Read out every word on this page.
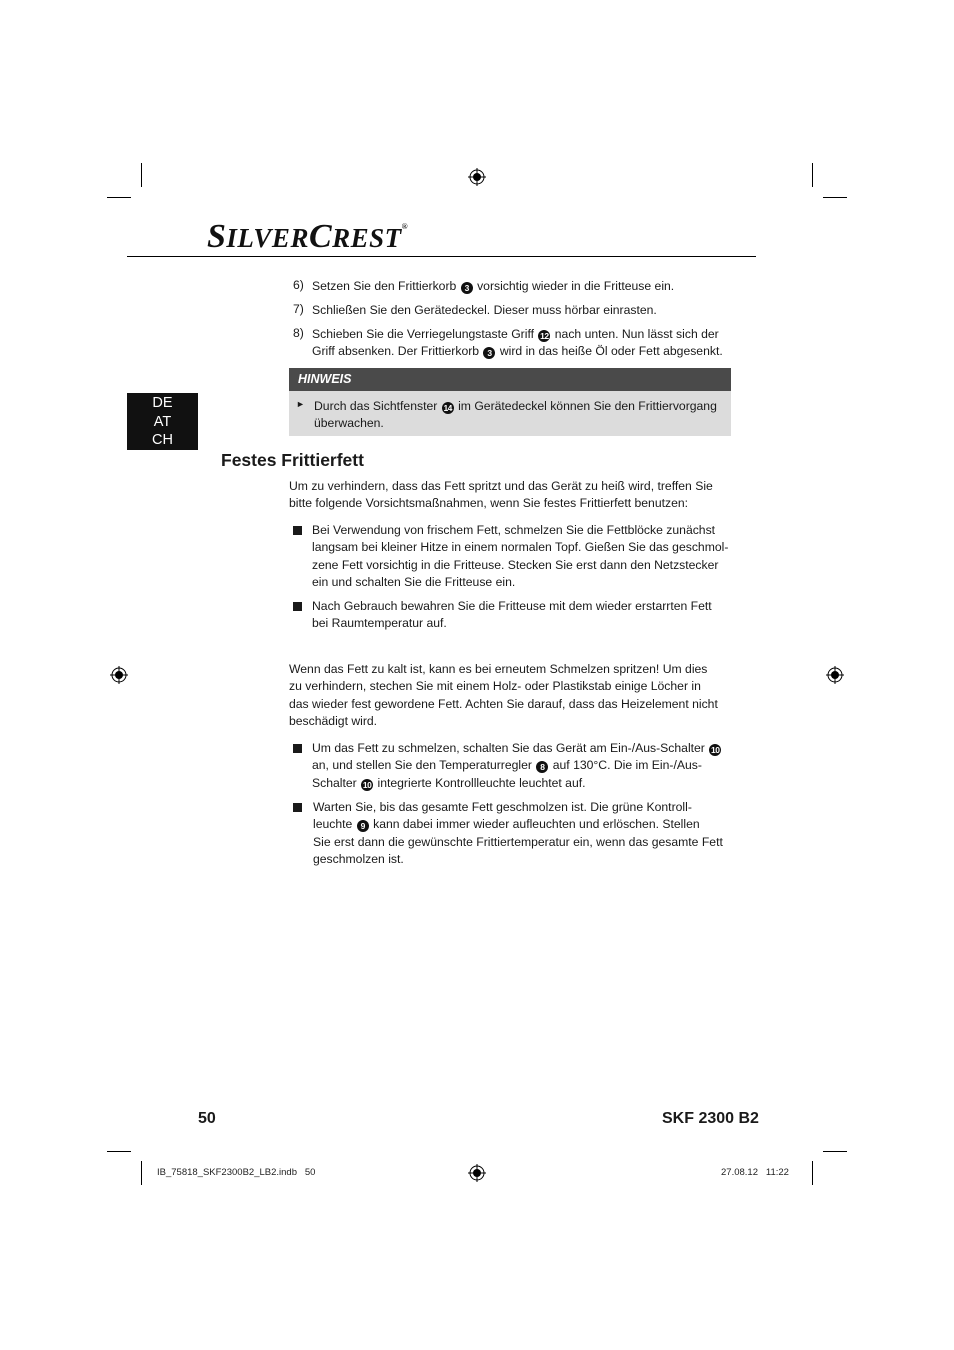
SILVERCREST®
6) Setzen Sie den Frittierkorb 3 vorsichtig wieder in die Fritteuse ein.
7) Schließen Sie den Gerätedeckel. Dieser muss hörbar einrasten.
8) Schieben Sie die Verriegelungstaste Griff 12 nach unten. Nun lässt sich der
Griff absenken. Der Frittierkorb 3 wird in das heiße Öl oder Fett abgesenkt.
HINWEIS
► Durch das Sichtfenster 14 im Gerätedeckel können Sie den Frittiervorgang
überwachen.
DE
AT
CH
Festes Frittierfett
Um zu verhindern, dass das Fett spritzt und das Gerät zu heiß wird, treffen Sie
bitte folgende Vorsichtsmaßnahmen, wenn Sie festes Frittierfett benutzen:
Bei Verwendung von frischem Fett, schmelzen Sie die Fettblöcke zunächst
langsam bei kleiner Hitze in einem normalen Topf. Gießen Sie das geschmol-
zene Fett vorsichtig in die Fritteuse. Stecken Sie erst dann den Netzstecker
ein und schalten Sie die Fritteuse ein.
Nach Gebrauch bewahren Sie die Fritteuse mit dem wieder erstarrten Fett
bei Raumtemperatur auf.
Wenn das Fett zu kalt ist, kann es bei erneutem Schmelzen spritzen! Um dies
zu verhindern, stechen Sie mit einem Holz- oder Plastikstab einige Löcher in
das wieder fest gewordene Fett. Achten Sie darauf, dass das Heizelement nicht
beschädigt wird.
Um das Fett zu schmelzen, schalten Sie das Gerät am Ein-/Aus-Schalter 10
an, und stellen Sie den Temperaturregler 8 auf 130°C. Die im Ein-/Aus-
Schalter 10 integrierte Kontrollleuchte leuchtet auf.
Warten Sie, bis das gesamte Fett geschmolzen ist. Die grüne Kontroll-
leuchte 9 kann dabei immer wieder aufleuchten und erlöschen. Stellen
Sie erst dann die gewünschte Frittiertemperatur ein, wenn das gesamte Fett
geschmolzen ist.
50	SKF 2300 B2
IB_75818_SKF2300B2_LB2.indb   50	27.08.12   11:22
